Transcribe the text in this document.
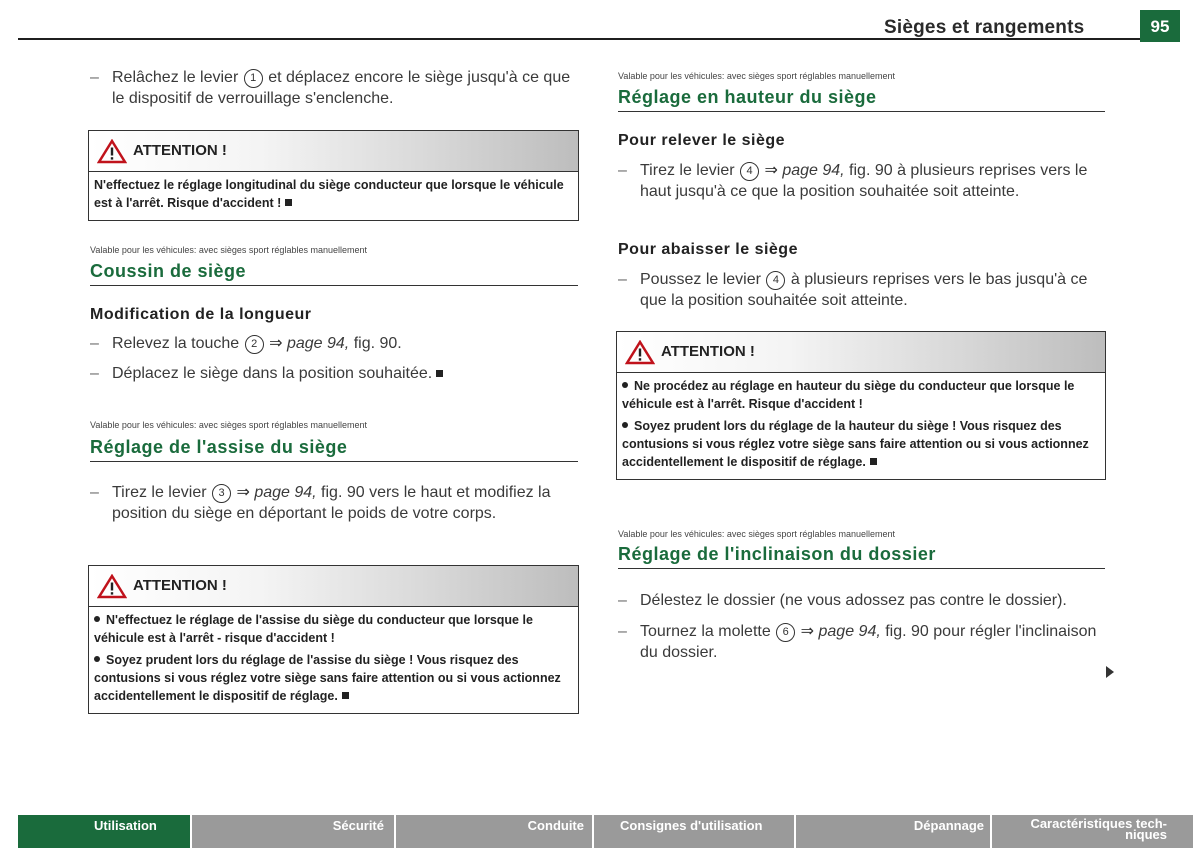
Sièges et rangements	95
– Relâchez le levier 1 et déplacez encore le siège jusqu'à ce que le dispositif de verrouillage s'enclenche.
ATTENTION !

N'effectuez le réglage longitudinal du siège conducteur que lorsque le véhicule est à l'arrêt. Risque d'accident !

Valable pour les véhicules: avec sièges sport réglables manuellement
Coussin de siège
Modification de la longueur
– Relevez la touche 2 ⇒ page 94, fig. 90.
– Déplacez le siège dans la position souhaitée.
Valable pour les véhicules: avec sièges sport réglables manuellement
Réglage de l'assise du siège
– Tirez le levier 3 ⇒ page 94, fig. 90 vers le haut et modifiez la position du siège en déportant le poids de votre corps.
ATTENTION !

N'effectuez le réglage de l'assise du siège du conducteur que lorsque le véhicule est à l'arrêt - risque d'accident !

Soyez prudent lors du réglage de l'assise du siège ! Vous risquez des contusions si vous réglez votre siège sans faire attention ou si vous actionnez accidentellement le dispositif de réglage.

Valable pour les véhicules: avec sièges sport réglables manuellement
Réglage en hauteur du siège
Pour relever le siège
– Tirez le levier 4 ⇒ page 94, fig. 90 à plusieurs reprises vers le haut jusqu'à ce que la position souhaitée soit atteinte.
Pour abaisser le siège
– Poussez le levier 4 à plusieurs reprises vers le bas jusqu'à ce que la position souhaitée soit atteinte.
ATTENTION !

Ne procédez au réglage en hauteur du siège du conducteur que lorsque le véhicule est à l'arrêt. Risque d'accident !

Soyez prudent lors du réglage de la hauteur du siège ! Vous risquez des contusions si vous réglez votre siège sans faire attention ou si vous actionnez accidentellement le dispositif de réglage.

Valable pour les véhicules: avec sièges sport réglables manuellement
Réglage de l'inclinaison du dossier
– Délestez le dossier (ne vous adossez pas contre le dossier).
– Tournez la molette 6 ⇒ page 94, fig. 90 pour régler l'inclinaison du dossier.
Utilisation	Sécurité	Conduite	Consignes d'utilisation	Dépannage	Caractéristiques tech-
niques
